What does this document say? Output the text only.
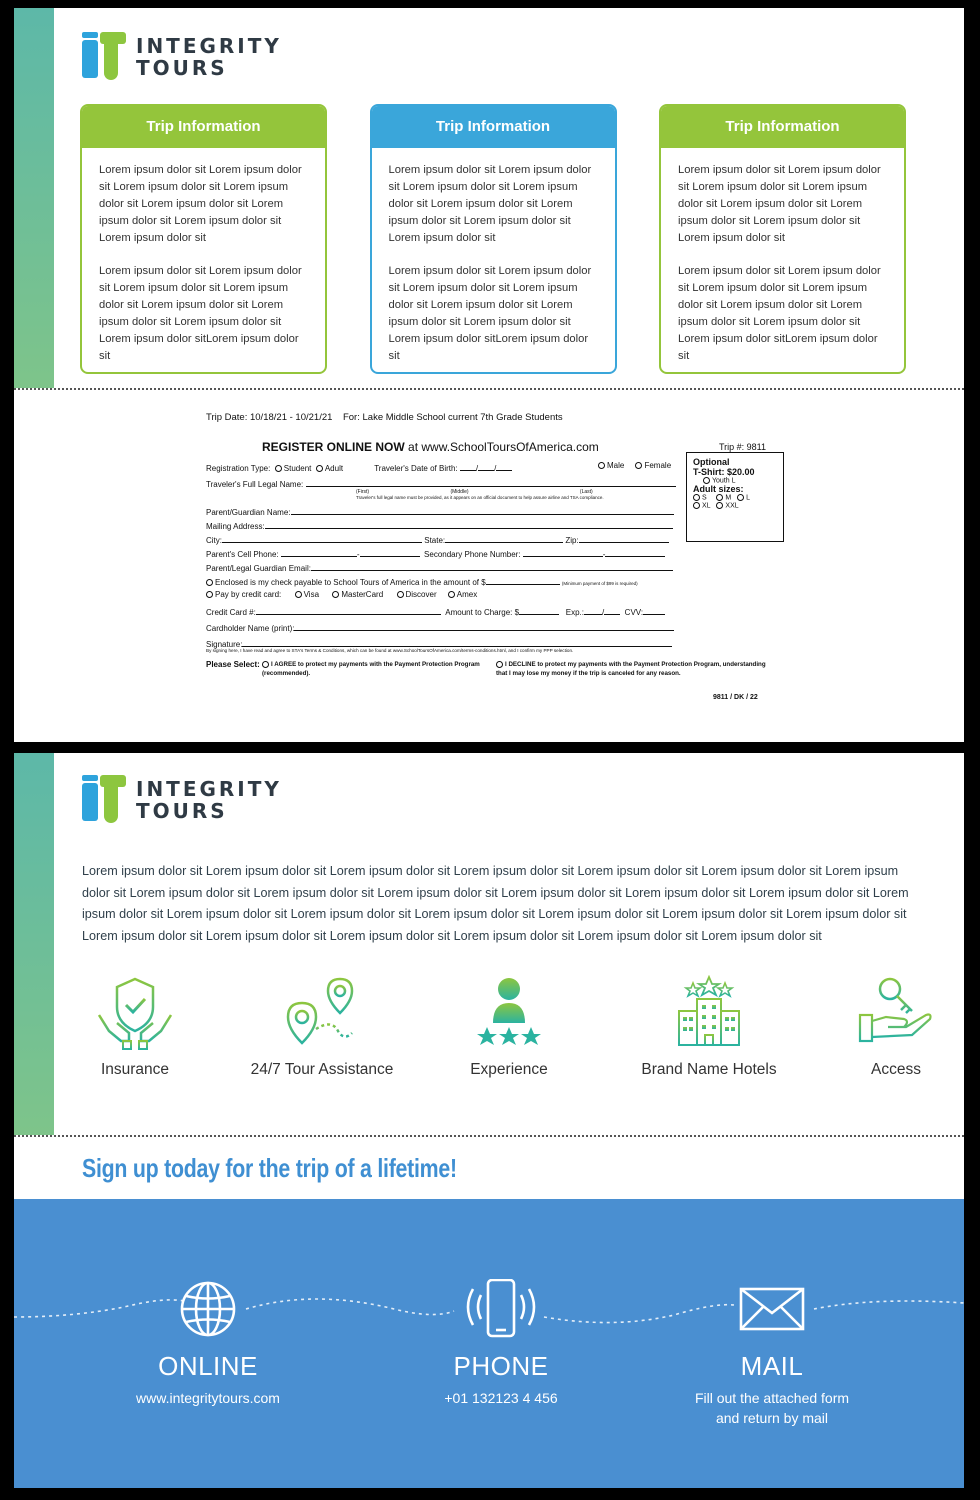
INTEGRITY
TOURS
Trip Information

Lorem ipsum dolor sit Lorem ipsum dolor sit Lorem ipsum dolor sit Lorem ipsum dolor sit Lorem ipsum dolor sit Lorem ipsum dolor sit Lorem ipsum dolor sit Lorem ipsum dolor sit

Lorem ipsum dolor sit Lorem ipsum dolor sit Lorem ipsum dolor sit Lorem ipsum dolor sit Lorem ipsum dolor sit Lorem ipsum dolor sit Lorem ipsum dolor sit Lorem ipsum dolor sitLorem ipsum dolor sit

Trip Information

Lorem ipsum dolor sit Lorem ipsum dolor sit Lorem ipsum dolor sit Lorem ipsum dolor sit Lorem ipsum dolor sit Lorem ipsum dolor sit Lorem ipsum dolor sit Lorem ipsum dolor sit

Lorem ipsum dolor sit Lorem ipsum dolor sit Lorem ipsum dolor sit Lorem ipsum dolor sit Lorem ipsum dolor sit Lorem ipsum dolor sit Lorem ipsum dolor sit Lorem ipsum dolor sitLorem ipsum dolor sit

Trip Information

Lorem ipsum dolor sit Lorem ipsum dolor sit Lorem ipsum dolor sit Lorem ipsum dolor sit Lorem ipsum dolor sit Lorem ipsum dolor sit Lorem ipsum dolor sit Lorem ipsum dolor sit

Lorem ipsum dolor sit Lorem ipsum dolor sit Lorem ipsum dolor sit Lorem ipsum dolor sit Lorem ipsum dolor sit Lorem ipsum dolor sit Lorem ipsum dolor sit Lorem ipsum dolor sitLorem ipsum dolor sit

Trip Date: 10/18/21 - 10/21/21 For: Lake Middle School current 7th Grade Students
REGISTER ONLINE NOW at www.SchoolToursOfAmerica.com	Trip #: 9811
Registration Type: Student Adult	Traveler's Date of Birth: / /	Male	Female
Traveler's Full Legal Name:
(First)	(Middle)	(Last)
Traveler's full legal name must be provided, as it appears on an official document to help assure airline and TSA compliance.
Parent/Guardian Name:
Mailing Address:
City:	State:	Zip:
Parent's Cell Phone:	-	Secondary Phone Number:	-
Parent/Legal Guardian Email:
Enclosed is my check payable to School Tours of America in the amount of $	(Minimum payment of $99 is required)
Pay by credit card:	Visa	MasterCard	Discover	Amex
Credit Card #:	Amount to Charge: $	Exp.: /	CVV:
Cardholder Name (print):
Signature:
By signing here, I have read and agree to STA's Terms & Conditions, which can be found at www.SchoolToursOfAmerica.com/terms-conditions.html, and I confirm my PPP selection.
Please Select:	I AGREE to protect my payments with the Payment Protection Program (recommended).
I DECLINE to protect my payments with the Payment Protection Program, understanding that I may lose my money if the trip is canceled for any reason.
9811 / DK / 22
Optional
T-Shirt: $20.00
Youth L
Adult sizes:
S	M L
XL XXL
INTEGRITY
TOURS
Lorem ipsum dolor sit Lorem ipsum dolor sit Lorem ipsum dolor sit Lorem ipsum dolor sit Lorem ipsum dolor sit Lorem ipsum dolor sit Lorem ipsum dolor sit Lorem ipsum dolor sit Lorem ipsum dolor sit Lorem ipsum dolor sit Lorem ipsum dolor sit Lorem ipsum dolor sit Lorem ipsum dolor sit Lorem ipsum dolor sit Lorem ipsum dolor sit Lorem ipsum dolor sit Lorem ipsum dolor sit Lorem ipsum dolor sit Lorem ipsum dolor sit Lorem ipsum dolor sit Lorem ipsum dolor sit Lorem ipsum dolor sit Lorem ipsum dolor sit Lorem ipsum dolor sit Lorem ipsum dolor sit Lorem ipsum dolor sit
Insurance	24/7 Tour Assistance	Experience	Brand Name Hotels	Access
Sign up today for the trip of a lifetime!
ONLINE
www.integritytours.com
PHONE
+01 132123 4 456
MAIL
Fill out the attached form and return by mail
